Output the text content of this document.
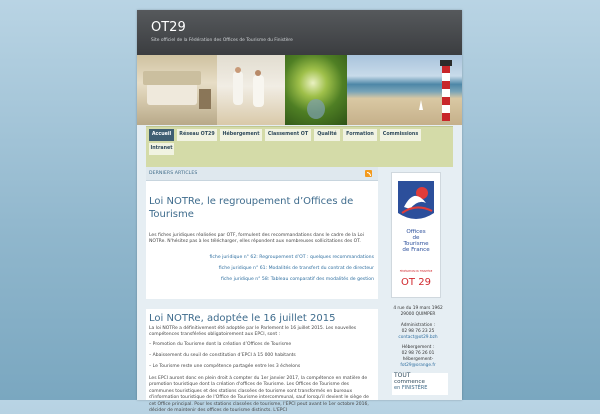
OT29
Site officiel de la Fédération des Offices de Tourisme du Finistère
Accueil	Réseau OT29	Hébergement	Classement OT	Qualité	Formation	Commissions
Intranet
DERNIERS ARTICLES
Loi NOTRe, le regroupement d’Offices de Tourisme

Les fiches juridiques réalisées par OTF, formulent des recommandations dans le cadre de la Loi NOTRe. N'hésitez pas à les télécharger, elles répondent aux nombreuses sollicitations des OT.

fiche juridique n° 62: Regroupement d’OT : quelques recommandations
fiche juridique n° 61: Modalités de transfert du contrat de directeur
fiche juridique n° 58: Tableau comparatif des modalités de gestion
Loi NOTRe, adoptée le 16 juillet 2015

La loi NOTRe a définitivement été adoptée par le Parlement le 16 juillet 2015. Les nouvelles compétences transférées obligatoirement aux EPCI, sont :

– Promotion du Tourisme dont la création d’Offices de Tourisme

– Abaissement du seuil de constitution d’EPCI à 15 000 habitants

– Le Tourisme reste une compétence partagée entre les 3 échelons

Les EPCI auront donc en plein droit à compter du 1er janvier 2017, la compétence en matière de promotion touristique dont la création d'offices de Tourisme. Les Offices de Tourisme des communes touristiques et des stations classées de tourisme sont transformés en bureaux d'information touristique de l'Office de Tourisme intercommunal, sauf lorsqu'il devient le siège de cet Office principal. Pour les stations classées de tourisme, l'EPCI peut avant le 1er octobre 2016, décider de maintenir des offices de tourisme distincts. L'EPCI

Offices
de
Tourisme
de France
FÉDÉRATION DU FINISTÈRE
OT 29
4 rue du 19 mars 1962
29000 QUIMPER
Administration :
02 98 76 23 25
contact@ot29.bzh
Hébergement :
02 98 76 26 01
hébergement-
fot29@orange.fr
TOUT
commence
en FINISTÈRE
